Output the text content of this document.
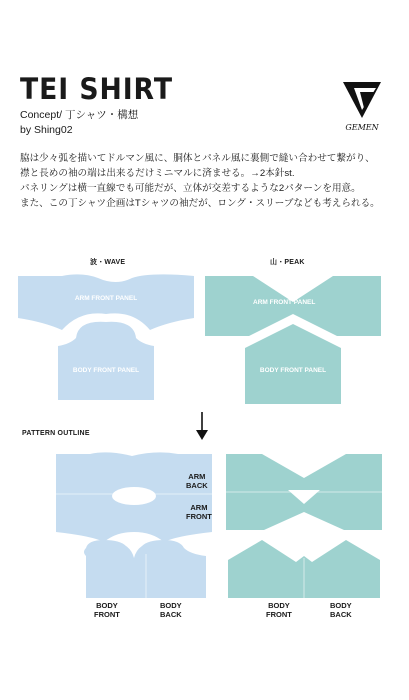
TEI SHIRT
Concept/ 丁シャツ・構想
by Shing02	GEMEN

脇は少々弧を描いてドルマン風に、胴体とパネル風に裏側で縫い合わせて繋がり、

襟と長めの袖の端は出来るだけミニマルに済ませる。→2本針st.

パネリングは横一直線でも可能だが、立体が交差するような2パターンを用意。

また、この丁シャツ企画はTシャツの袖だが、ロング・スリーブなども考えられる。

波・WAVE	山・PEAK
ARM FRONT PANEL
BODY FRONT PANEL
ARM FRONT PANEL
BODY FRONT PANEL
PATTERN OUTLINE
ARM
BACK
ARM
FRONT
BODY
FRONT
BODY
BACK
BODY
FRONT
BODY
BACK
